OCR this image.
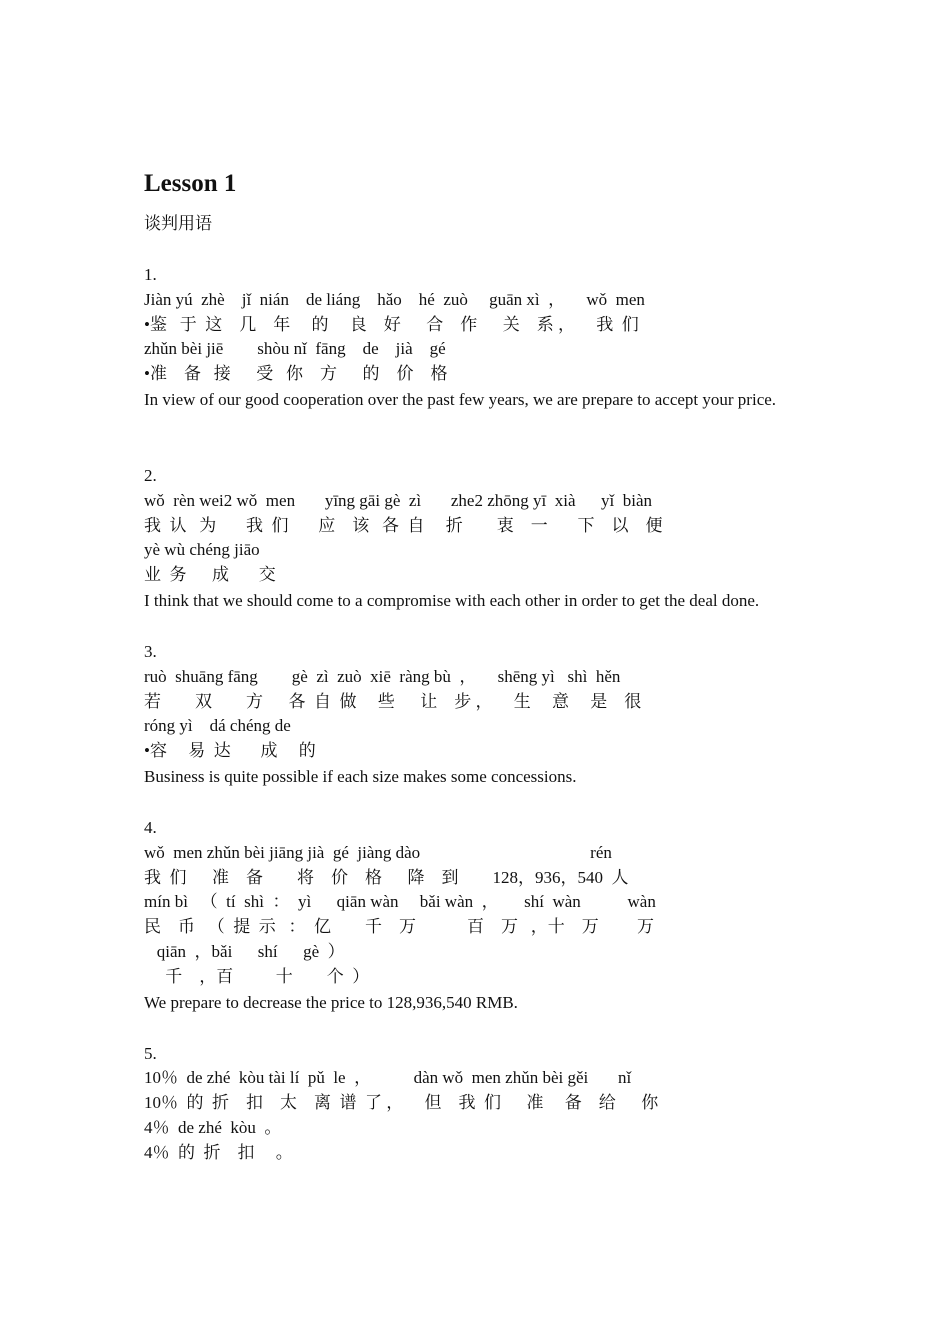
Lesson 1
谈判用语
1.
Jiàn yú  zhè    jǐ  nián    de liáng    hǎo    hé  zuò     guān xì  ，     wǒ  men
•鉴   于  这    几    年     的     良    好      合    作      关    系 ，     我  们
zhǔn bèi jiē        shòu nǐ  fāng    de    jià    gé
•准    备   接      受   你    方      的    价    格
In view of our good cooperation over the past few years, we are prepare to accept your price.
2.
wǒ  rèn wei2 wǒ  men       yīng gāi gè  zì       zhe2 zhōng yī  xià      yǐ  biàn
我  认   为       我  们       应    该   各  自     折        衷    一       下    以    便
yè wù chéng jiāo
业  务      成       交
I think that we should come to a compromise with each other in order to get the deal done.
3.
ruò  shuāng fāng        gè  zì  zuò  xiē  ràng bù  ，     shēng yì   shì  hěn
若        双        方      各  自  做     些      让    步 ，     生     意     是    很
róng yì    dá chéng de
•容     易  达       成     的
Business is quite possible if each size makes some concessions.
4.
wǒ  men zhǔn bèi jiāng jià  gé  jiàng dào                                        rén
我  们      准    备        将    价    格      降    到        128，936，540  人
mín bì   （  tí  shì  ：  yì      qiān wàn     bǎi wàn  ，      shí  wàn           wàn
民    币   （  提  示   ：  亿        千    万            百    万   ，十    万         万
qiān  ，bǎi      shí      gè  ）
千    ，百          十        个  ）
We prepare to decrease the price to 128,936,540 RMB.
5.
10％  de zhé  kòu tài lí  pǔ  le  ，          dàn wǒ  men zhǔn bèi gěi       nǐ
10％  的  折    扣    太    离  谱  了 ，     但    我  们      准     备    给      你
4％  de zhé  kòu  。
4％  的  折    扣     。
